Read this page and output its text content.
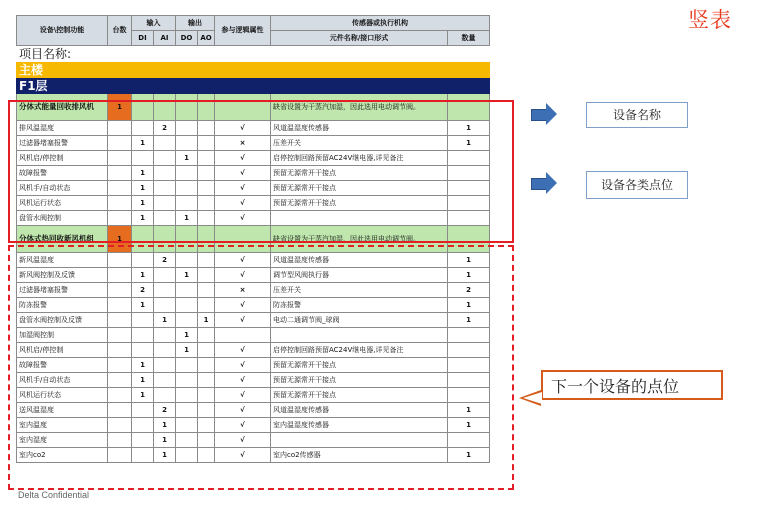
竖表
设备\控制功能	台数	输入		输出		参与逻辑属性	传感器或执行机构	
		DI	AI	DO	AO		元件名称/接口形式	数量
项目名称:								
主楼								
F1层								
分体式能量回收排风机	1						缺省设置为干蒸汽加湿，因此选用电动调节阀。	
排风温湿度			2			√	风道温湿度传感器	1
过滤器堵塞报警		1				×	压差开关	1
风机启/停控制				1		√	启停控制回路预留AC24V继电器,详见备注	
故障报警		1				√	预留无源常开干接点	
风机手/自动状态		1				√	预留无源常开干接点	
风机运行状态		1				√	预留无源常开干接点	
盘管水阀控制		1		1		√		
分体式热回收新风机组	1						缺省设置为干蒸汽加湿，因此选用电动调节阀。	
新风温湿度			2			√	风道温湿度传感器	1
新风阀控制及反馈		1		1		√	调节型风阀执行器	1
过滤器堵塞报警		2				×	压差开关	2
防冻报警		1				√	防冻报警	1
盘管水阀控制及反馈			1		1	√	电动二通调节阀_球阀	1
加湿阀控制				1				
风机启/停控制				1		√	启停控制回路预留AC24V继电器,详见备注	
故障报警		1				√	预留无源常开干接点	
风机手/自动状态		1				√	预留无源常开干接点	
风机运行状态		1				√	预留无源常开干接点	
送风温湿度			2			√	风道温湿度传感器	1
室内温度			1			√	室内温湿度传感器	1
室内湿度			1			√		
室内co2			1			√	室内co2传感器	1
设备名称
设备各类点位
下一个设备的点位
Delta Confidential
